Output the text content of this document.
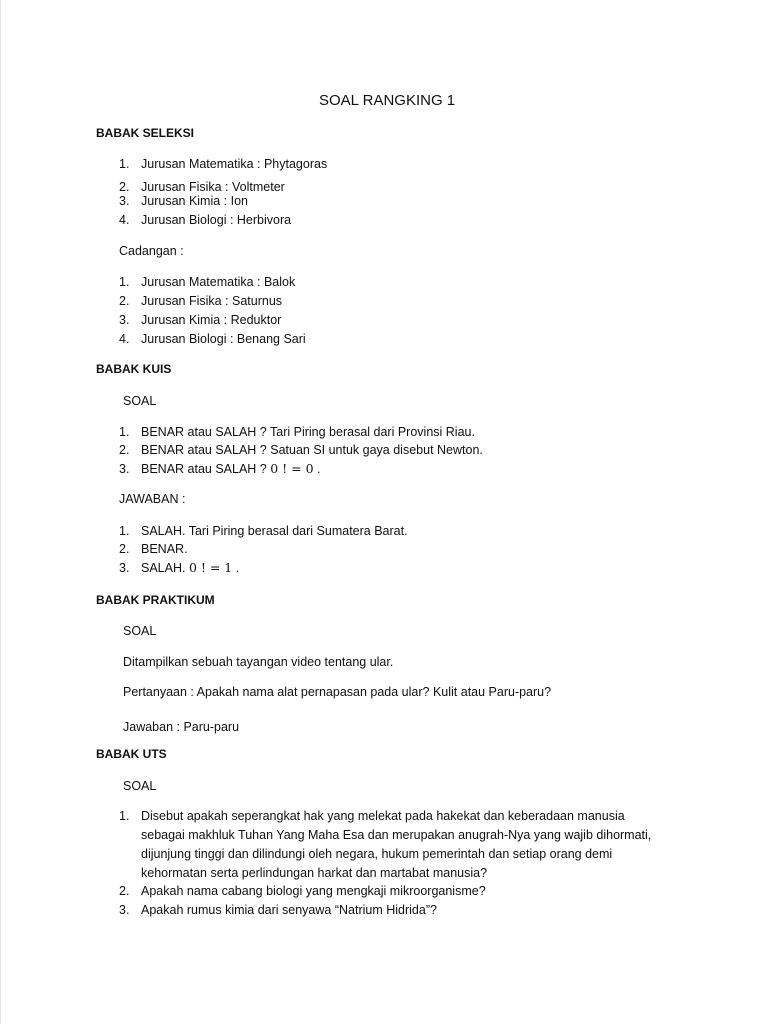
SOAL RANGKING 1
BABAK SELEKSI
1. Jurusan Matematika : Phytagoras
2. Jurusan Fisika : Voltmeter
3. Jurusan Kimia : Ion
4. Jurusan Biologi : Herbivora
Cadangan :
1. Jurusan Matematika : Balok
2. Jurusan Fisika : Saturnus
3. Jurusan Kimia : Reduktor
4. Jurusan Biologi : Benang Sari
BABAK KUIS
SOAL
1. BENAR atau SALAH ? Tari Piring berasal dari Provinsi Riau.
2. BENAR atau SALAH ? Satuan SI untuk gaya disebut Newton.
3. BENAR atau SALAH ? 0 ! = 0 .
JAWABAN :
1. SALAH. Tari Piring berasal dari Sumatera Barat.
2. BENAR.
3. SALAH. 0 ! = 1 .
BABAK PRAKTIKUM
SOAL
Ditampilkan sebuah tayangan video tentang ular.
Pertanyaan : Apakah nama alat pernapasan pada ular? Kulit atau Paru-paru?
Jawaban : Paru-paru
BABAK UTS
SOAL
1. Disebut apakah seperangkat hak yang melekat pada hakekat dan keberadaan manusia
sebagai makhluk Tuhan Yang Maha Esa dan merupakan anugrah-Nya yang wajib dihormati,
dijunjung tinggi dan dilindungi oleh negara, hukum pemerintah dan setiap orang demi
kehormatan serta perlindungan harkat dan martabat manusia?
2. Apakah nama cabang biologi yang mengkaji mikroorganisme?
3. Apakah rumus kimia dari senyawa “Natrium Hidrida”?
